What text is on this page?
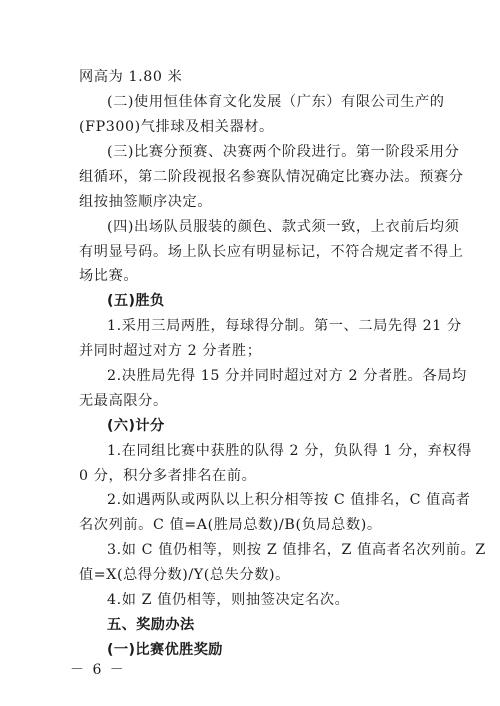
网高为 1.80 米
(二)使用恒佳体育文化发展（广东）有限公司生产的
(FP300)气排球及相关器材。
(三)比赛分预赛、决赛两个阶段进行。第一阶段采用分
组循环，第二阶段视报名参赛队情况确定比赛办法。预赛分
组按抽签顺序决定。
(四)出场队员服装的颜色、款式须一致，上衣前后均须
有明显号码。场上队长应有明显标记，不符合规定者不得上
场比赛。
(五)胜负
1.采用三局两胜，每球得分制。第一、二局先得 21 分
并同时超过对方 2 分者胜；
2.决胜局先得 15 分并同时超过对方 2 分者胜。各局均
无最高限分。
(六)计分
1.在同组比赛中获胜的队得 2 分，负队得 1 分，弃权得
0 分，积分多者排名在前。
2.如遇两队或两队以上积分相等按 C 值排名，C 值高者
名次列前。C 值=A(胜局总数)/B(负局总数)。
3.如 C 值仍相等，则按 Z 值排名，Z 值高者名次列前。Z
值=X(总得分数)/Y(总失分数)。
4.如 Z 值仍相等，则抽签决定名次。
五、奖励办法
(一)比赛优胜奖励
－ 6 －
